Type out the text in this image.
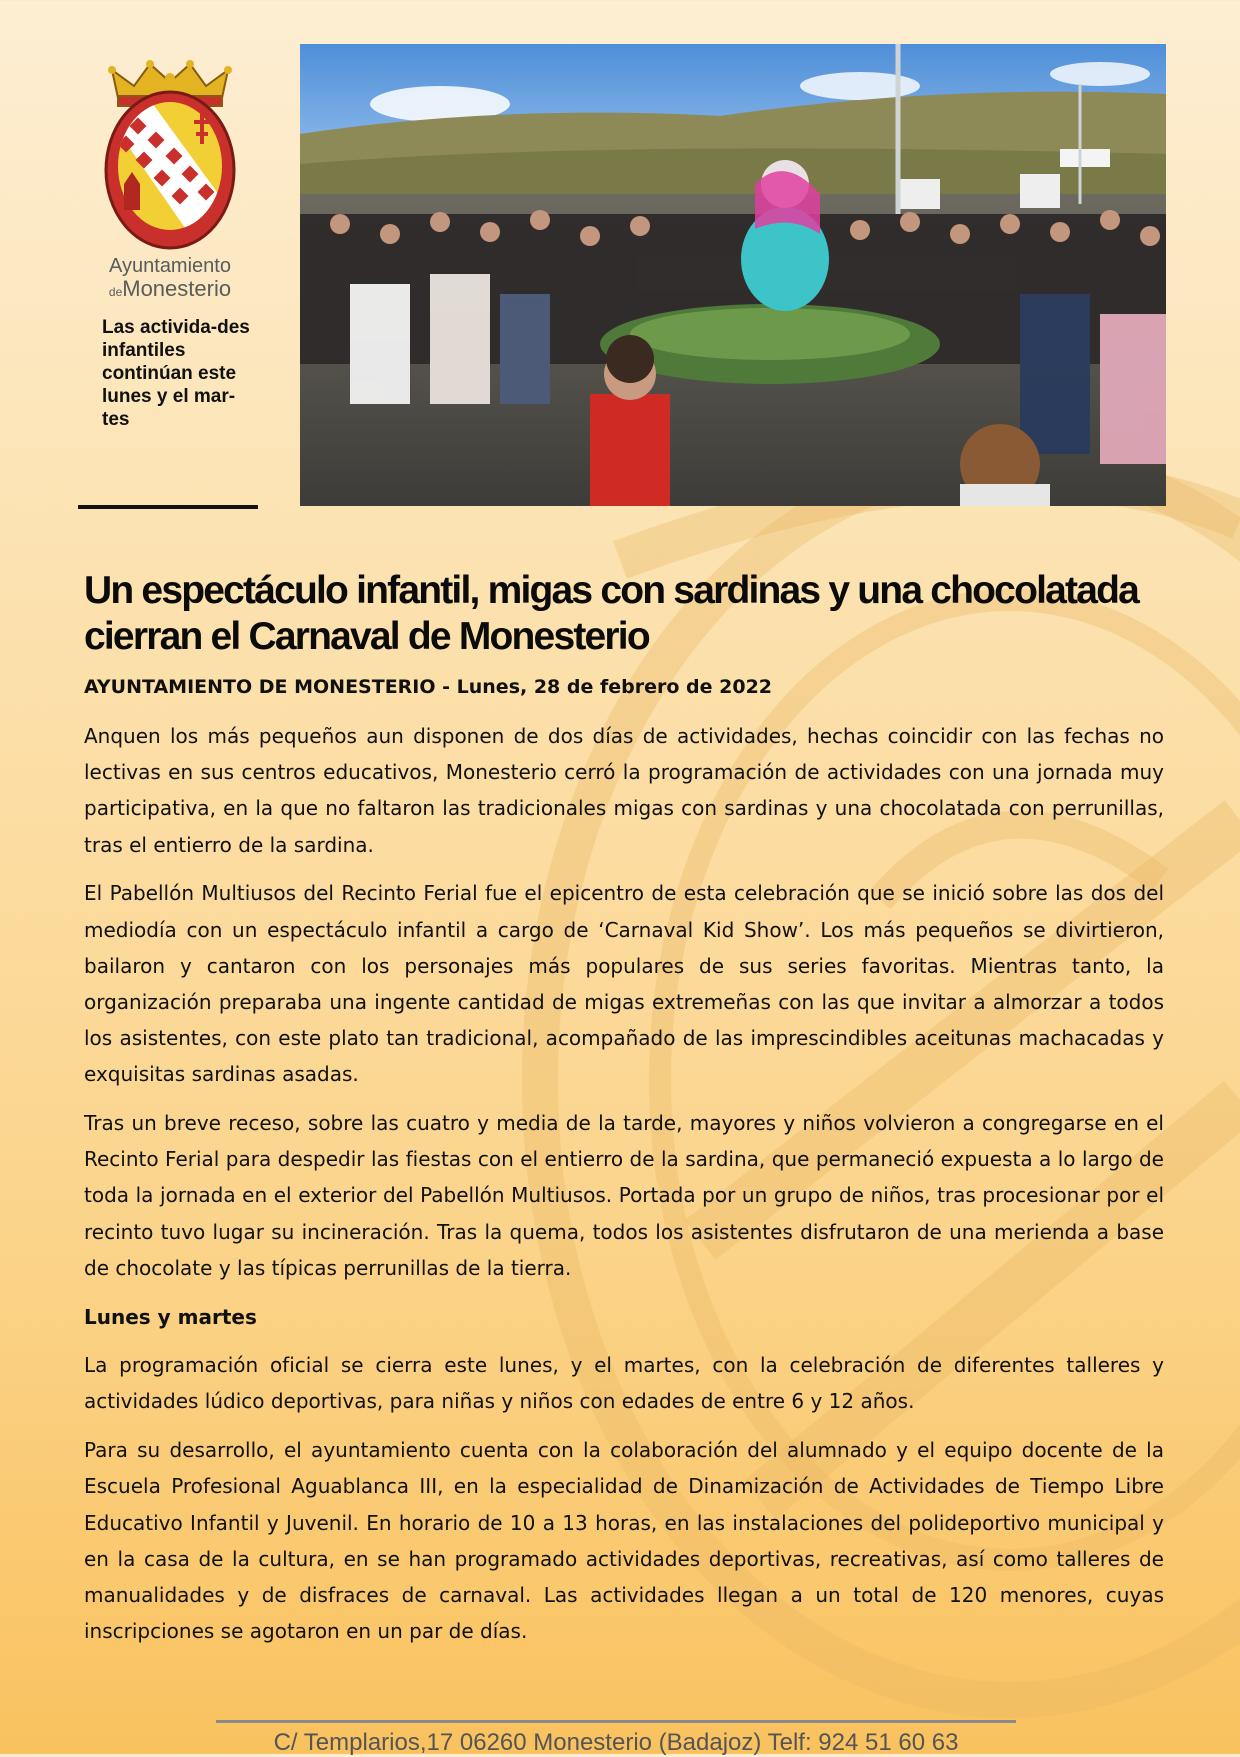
Ayuntamiento
deMonesterio
Las activida-des infantiles continúan este lunes y el mar-tes
Un espectáculo infantil, migas con sardinas y una chocolatada cierran el Carnaval de Monesterio

AYUNTAMIENTO DE MONESTERIO - Lunes, 28 de febrero de 2022

Anquen los más pequeños aun disponen de dos días de actividades, hechas coincidir con las fechas no lectivas en sus centros educativos, Monesterio cerró la programación de actividades con una jornada muy participativa, en la que no faltaron las tradicionales migas con sardinas y una chocolatada con perrunillas, tras el entierro de la sardina.

El Pabellón Multiusos del Recinto Ferial fue el epicentro de esta celebración que se inició sobre las dos del mediodía con un espectáculo infantil a cargo de ‘Carnaval Kid Show’. Los más pequeños se divirtieron, bailaron y cantaron con los personajes más populares de sus series favoritas. Mientras tanto, la organización preparaba una ingente cantidad de migas extremeñas con las que invitar a almorzar a todos los asistentes, con este plato tan tradicional, acompañado de las imprescindibles aceitunas machacadas y exquisitas sardinas asadas.

Tras un breve receso, sobre las cuatro y media de la tarde, mayores y niños volvieron a congregarse en el Recinto Ferial para despedir las fiestas con el entierro de la sardina, que permaneció expuesta a lo largo de toda la jornada en el exterior del Pabellón Multiusos. Portada por un grupo de niños, tras procesionar por el recinto tuvo lugar su incineración. Tras la quema, todos los asistentes disfrutaron de una merienda a base de chocolate y las típicas perrunillas de la tierra.

Lunes y martes

La programación oficial se cierra este lunes, y el martes, con la celebración de diferentes talleres y actividades lúdico deportivas, para niñas y niños con edades de entre 6 y 12 años.

Para su desarrollo, el ayuntamiento cuenta con la colaboración del alumnado y el equipo docente de la Escuela Profesional Aguablanca III, en la especialidad de Dinamización de Actividades de Tiempo Libre Educativo Infantil y Juvenil. En horario de 10 a 13 horas, en las instalaciones del polideportivo municipal y en la casa de la cultura, en se han programado actividades deportivas, recreativas, así como talleres de manualidades y de disfraces de carnaval. Las actividades llegan a un total de 120 menores, cuyas inscripciones se agotaron en un par de días.

C/ Templarios,17 06260 Monesterio (Badajoz) Telf: 924 51 60 63
